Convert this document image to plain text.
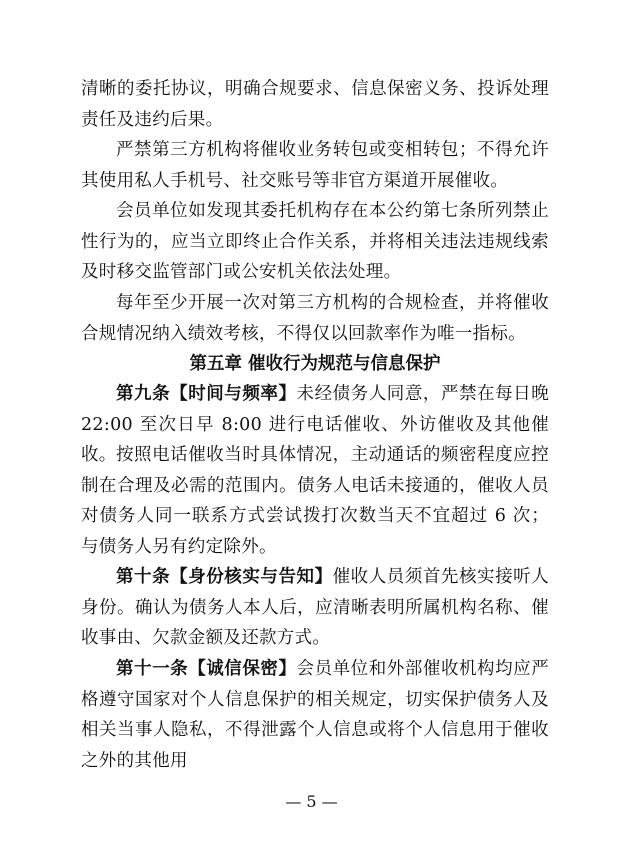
清晰的委托协议，明确合规要求、信息保密义务、投诉处理责任及违约后果。

严禁第三方机构将催收业务转包或变相转包；不得允许其使用私人手机号、社交账号等非官方渠道开展催收。

会员单位如发现其委托机构存在本公约第七条所列禁止性行为的，应当立即终止合作关系，并将相关违法违规线索及时移交监管部门或公安机关依法处理。

每年至少开展一次对第三方机构的合规检查，并将催收合规情况纳入绩效考核，不得仅以回款率作为唯一指标。

第五章 催收行为规范与信息保护

第九条【时间与频率】未经债务人同意，严禁在每日晚 22:00 至次日早 8:00 进行电话催收、外访催收及其他催收。 按照电话催收当时具体情况，主动通话的频密程度应控制在合理及必需的范围内。债务人电话未接通的，催收人员对债务人同一联系方式尝试拨打次数当天不宜超过 6 次；与债务人另有约定除外。

第十条【身份核实与告知】催收人员须首先核实接听人身份。确认为债务人本人后，应清晰表明所属机构名称、催收事由、欠款金额及还款方式。

第十一条【诚信保密】会员单位和外部催收机构均应严格遵守国家对个人信息保护的相关规定，切实保护债务人及相关当事人隐私，不得泄露个人信息或将个人信息用于催收之外的其他用

— 5 —
